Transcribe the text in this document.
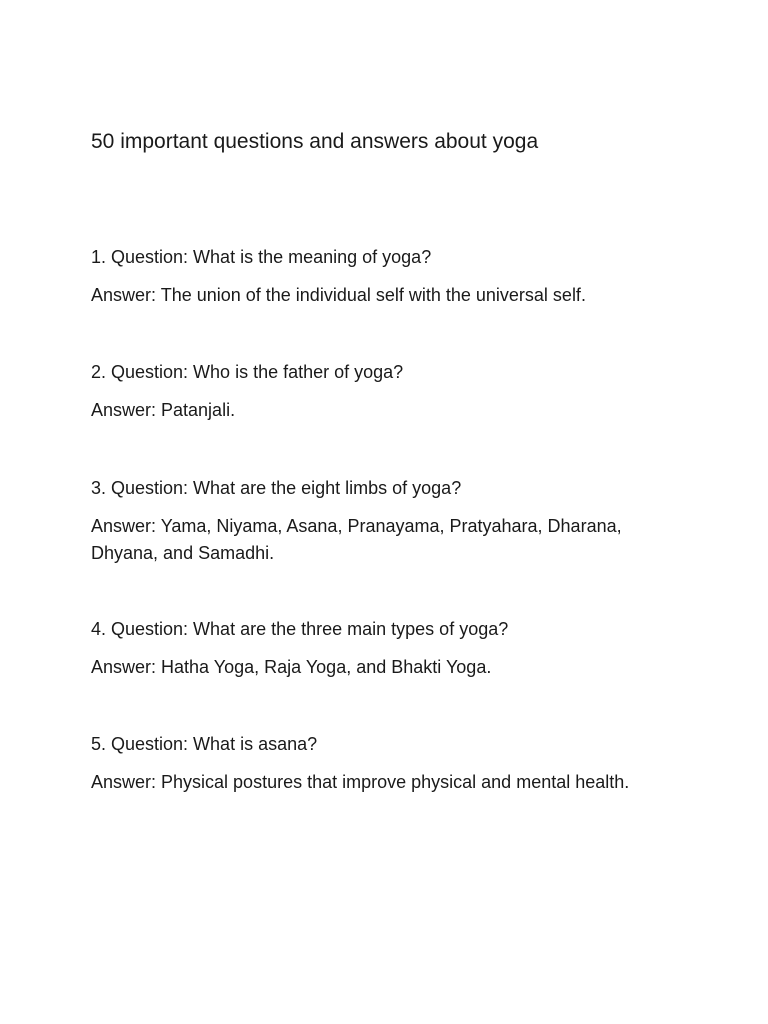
50 important questions and answers about yoga

1. Question: What is the meaning of yoga?

Answer: The union of the individual self with the universal self.

2. Question: Who is the father of yoga?

Answer: Patanjali.

3. Question: What are the eight limbs of yoga?

Answer: Yama, Niyama, Asana, Pranayama, Pratyahara, Dharana, Dhyana, and Samadhi.

4. Question: What are the three main types of yoga?

Answer: Hatha Yoga, Raja Yoga, and Bhakti Yoga.

5. Question: What is asana?

Answer: Physical postures that improve physical and mental health.
